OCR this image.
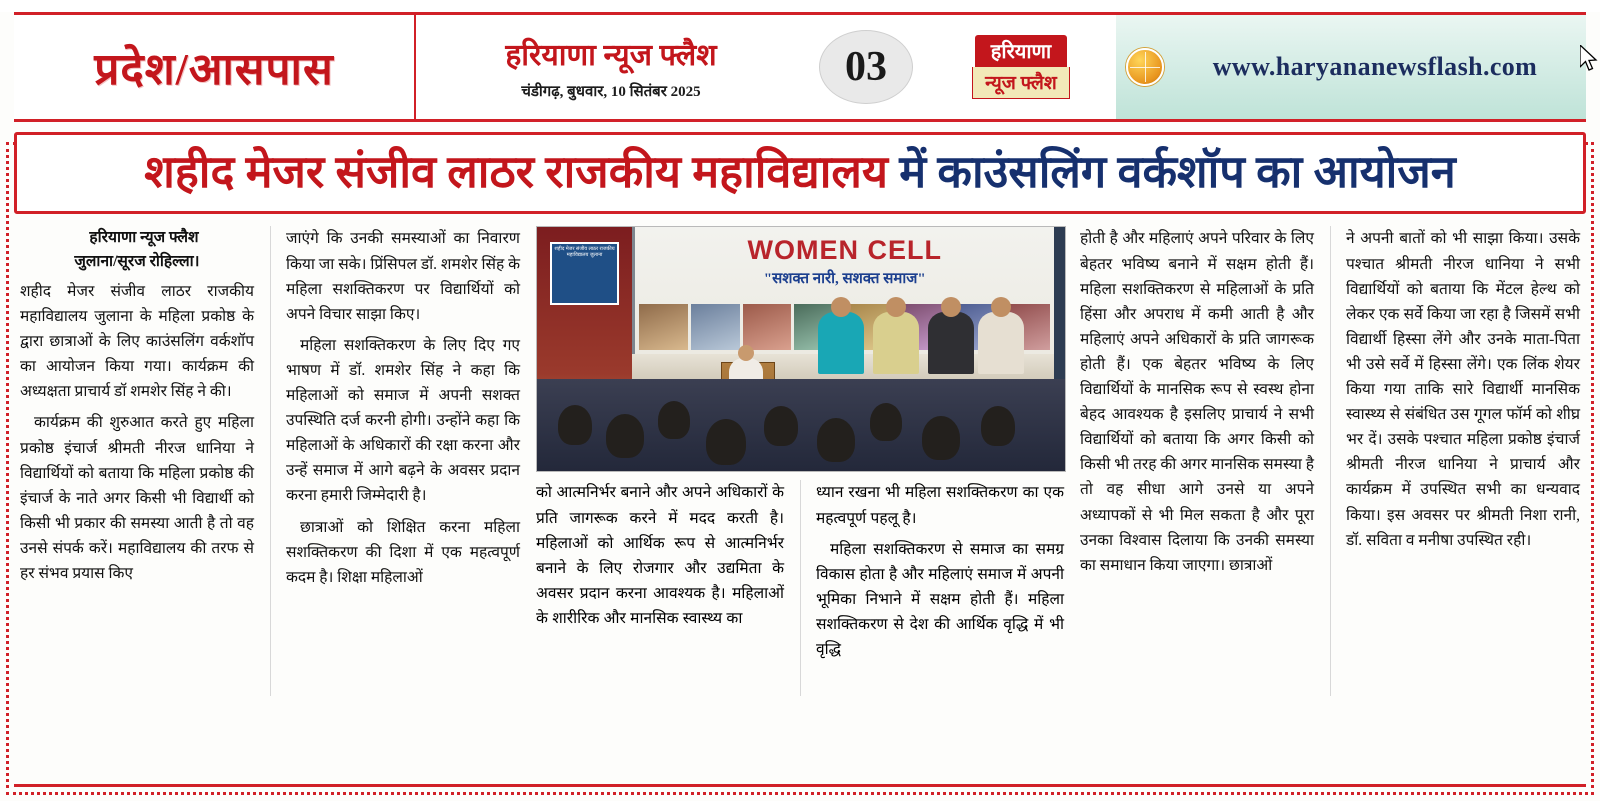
प्रदेश/आसपास	हरियाणा न्यूज फ्लैश
चंडीगढ़, बुधवार, 10 सितंबर 2025
03	हरियाणा
न्यूज फ्लैश
www.haryananewsflash.com
शहीद मेजर संजीव लाठर राजकीय महाविद्यालय में काउंसलिंग वर्कशॉप का आयोजन

हरियाणा न्यूज फ्लैश
जुलाना/सूरज रोहिल्ला।

शहीद मेजर संजीव लाठर राजकीय महाविद्यालय जुलाना के महिला प्रकोष्ठ के द्वारा छात्राओं के लिए काउंसलिंग वर्कशॉप का आयोजन किया गया। कार्यक्रम की अध्यक्षता प्राचार्य डॉ शमशेर सिंह ने की।

कार्यक्रम की शुरुआत करते हुए महिला प्रकोष्ठ इंचार्ज श्रीमती नीरज धानिया ने विद्यार्थियों को बताया कि महिला प्रकोष्ठ की इंचार्ज के नाते अगर किसी भी विद्यार्थी को किसी भी प्रकार की समस्या आती है तो वह उनसे संपर्क करें। महाविद्यालय की तरफ से हर संभव प्रयास किए

जाएंगे कि उनकी समस्याओं का निवारण किया जा सके। प्रिंसिपल डॉ. शमशेर सिंह के महिला सशक्तिकरण पर विद्यार्थियों को अपने विचार साझा किए।

महिला सशक्तिकरण के लिए दिए गए भाषण में डॉ. शमशेर सिंह ने कहा कि महिलाओं को समाज में अपनी सशक्त उपस्थिति दर्ज करनी होगी। उन्होंने कहा कि महिलाओं के अधिकारों की रक्षा करना और उन्हें समाज में आगे बढ़ने के अवसर प्रदान करना हमारी जिम्मेदारी है।

छात्राओं को शिक्षित करना महिला सशक्तिकरण की दिशा में एक महत्वपूर्ण कदम है। शिक्षा महिलाओं

शहीद मेजर संजीव लाठर राजकीय महाविद्यालय जुलाना	WOMEN CELL
"सशक्त नारी, सशक्त समाज"

को आत्मनिर्भर बनाने और अपने अधिकारों के प्रति जागरूक करने में मदद करती है। महिलाओं को आर्थिक रूप से आत्मनिर्भर बनाने के लिए रोजगार और उद्यमिता के अवसर प्रदान करना आवश्यक है। महिलाओं के शारीरिक और मानसिक स्वास्थ्य का

ध्यान रखना भी महिला सशक्तिकरण का एक महत्वपूर्ण पहलू है।

महिला सशक्तिकरण से समाज का समग्र विकास होता है और महिलाएं समाज में अपनी भूमिका निभाने में सक्षम होती हैं। महिला सशक्तिकरण से देश की आर्थिक वृद्धि में भी वृद्धि

होती है और महिलाएं अपने परिवार के लिए बेहतर भविष्य बनाने में सक्षम होती हैं। महिला सशक्तिकरण से महिलाओं के प्रति हिंसा और अपराध में कमी आती है और महिलाएं अपने अधिकारों के प्रति जागरूक होती हैं। एक बेहतर भविष्य के लिए विद्यार्थियों के मानसिक रूप से स्वस्थ होना बेहद आवश्यक है इसलिए प्राचार्य ने सभी विद्यार्थियों को बताया कि अगर किसी को किसी भी तरह की अगर मानसिक समस्या है तो वह सीधा आगे उनसे या अपने अध्यापकों से भी मिल सकता है और पूरा उनका विश्वास दिलाया कि उनकी समस्या का समाधान किया जाएगा। छात्राओं

ने अपनी बातों को भी साझा किया। उसके पश्चात श्रीमती नीरज धानिया ने सभी विद्यार्थियों को बताया कि मेंटल हेल्थ को लेकर एक सर्वे किया जा रहा है जिसमें सभी विद्यार्थी हिस्सा लेंगे और उनके माता-पिता भी उसे सर्वे में हिस्सा लेंगे। एक लिंक शेयर किया गया ताकि सारे विद्यार्थी मानसिक स्वास्थ्य से संबंधित उस गूगल फॉर्म को शीघ्र भर दें। उसके पश्चात महिला प्रकोष्ठ इंचार्ज श्रीमती नीरज धानिया ने प्राचार्य और कार्यक्रम में उपस्थित सभी का धन्यवाद किया। इस अवसर पर श्रीमती निशा रानी, डॉ. सविता व मनीषा उपस्थित रही।
